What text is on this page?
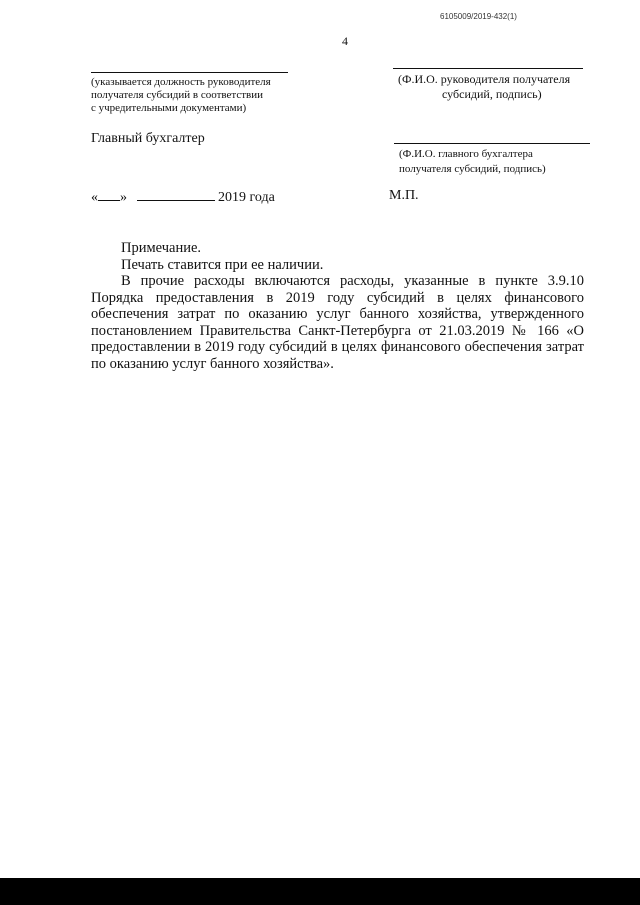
6105009/2019-432(1)
4
(указывается должность руководителя
получателя субсидий в соответствии
с учредительными документами)
(Ф.И.О. руководителя получателя
субсидий, подпись)
Главный бухгалтер
(Ф.И.О. главного бухгалтера
получателя субсидий, подпись)
« »	2019 года	М.П.
Примечание.
Печать ставится при ее наличии.
В прочие расходы включаются расходы, указанные в пункте 3.9.10 Порядка предоставления в 2019 году субсидий в целях финансового обеспечения затрат по оказанию услуг банного хозяйства, утвержденного постановлением Правительства Санкт-Петербурга от 21.03.2019 № 166 «О предоставлении в 2019 году субсидий в целях финансового обеспечения затрат по оказанию услуг банного хозяйства».
